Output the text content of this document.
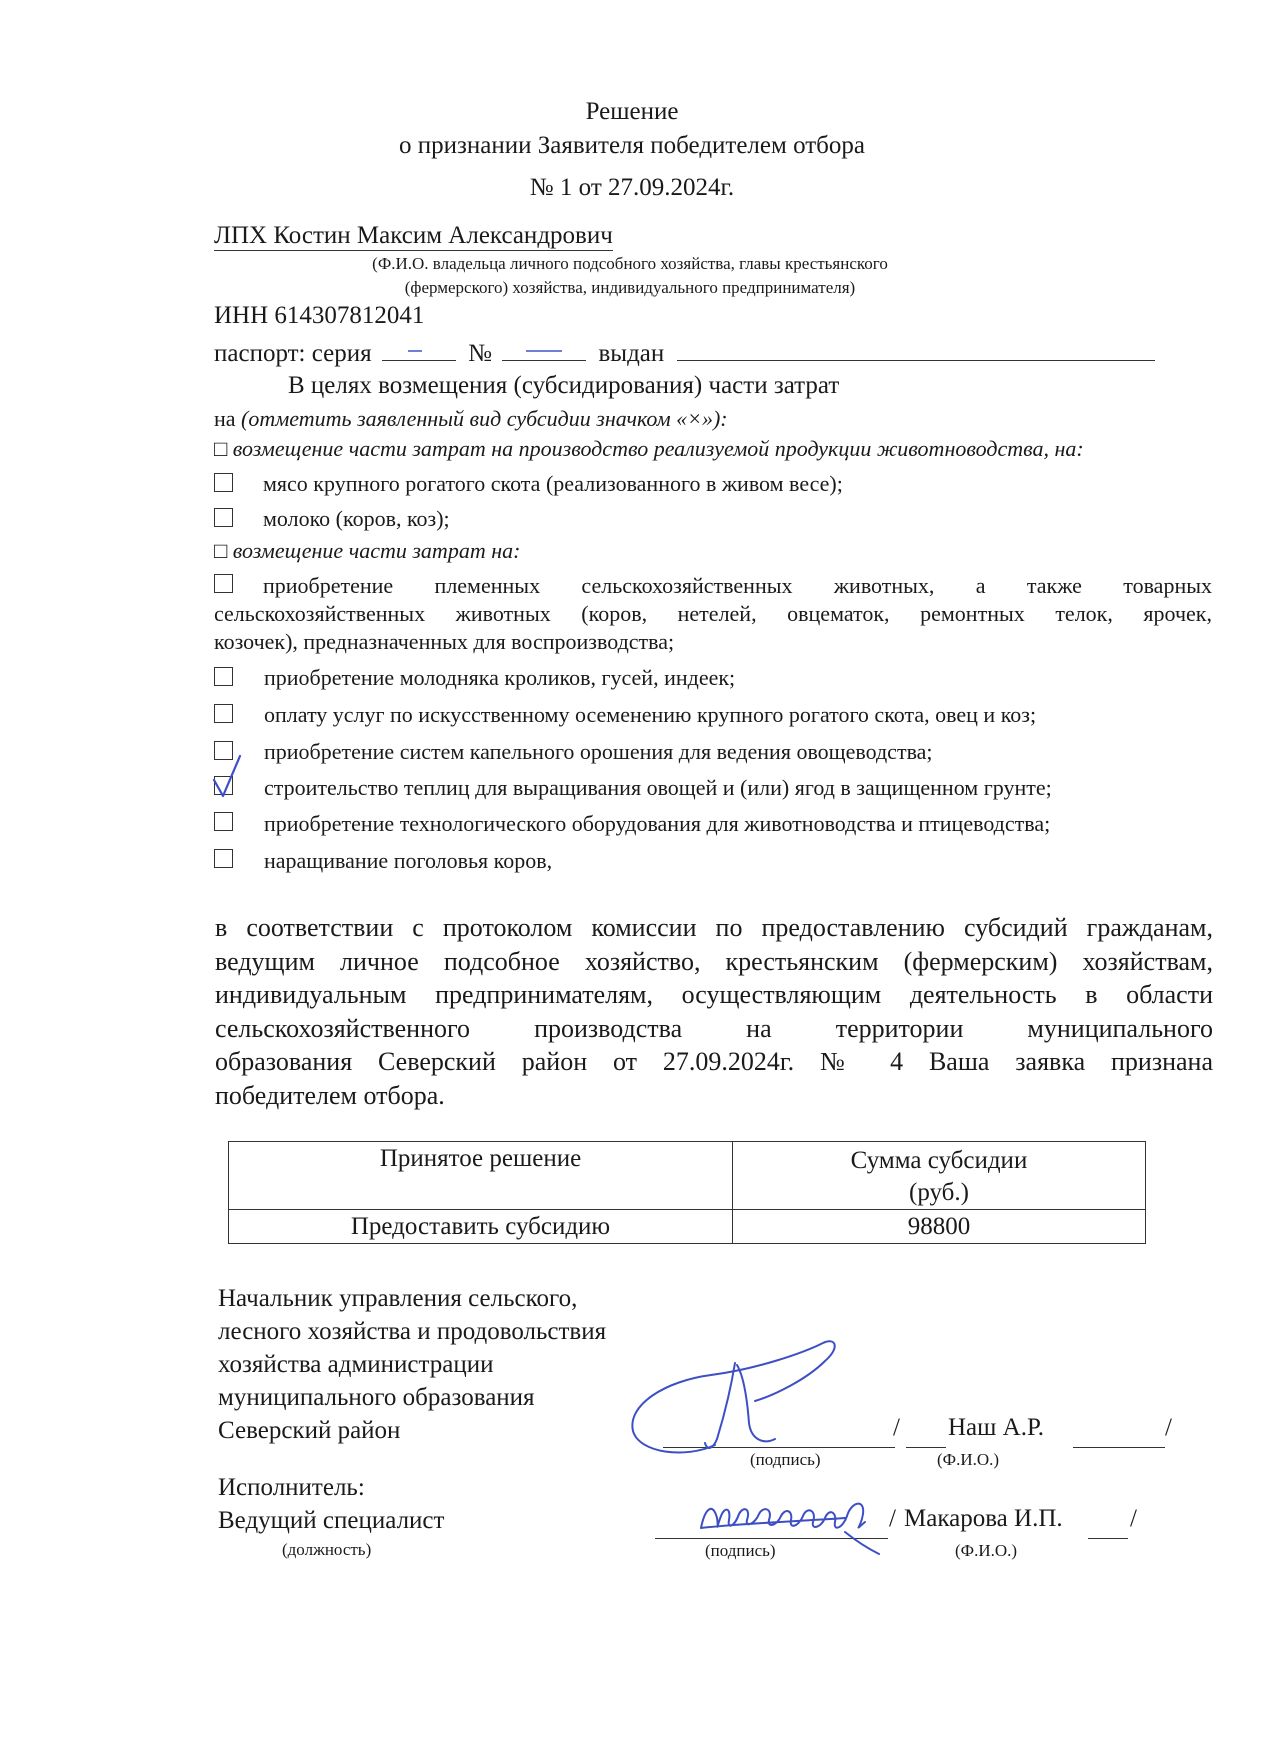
Решение
о признании Заявителя победителем отбора
№ 1 от 27.09.2024г.
ЛПХ Костин Максим Александрович
(Ф.И.О. владельца личного подсобного хозяйства, главы крестьянского
(фермерского) хозяйства, индивидуального предпринимателя)
ИНН 614307812041
паспорт: серия	№	выдан
В целях возмещения (субсидирования) части затрат
на (отметить заявленный вид субсидии значком «×»):
□ возмещение части затрат на производство реализуемой продукции животноводства, на:
мясо крупного рогатого скота (реализованного в живом весе);
молоко (коров, коз);
□ возмещение части затрат на:
приобретение племенных сельскохозяйственных животных, а также товарных
сельскохозяйственных животных (коров, нетелей, овцематок, ремонтных телок, ярочек,
козочек), предназначенных для воспроизводства;
приобретение молодняка кроликов, гусей, индеек;
оплату услуг по искусственному осеменению крупного рогатого скота, овец и коз;
приобретение систем капельного орошения для ведения овощеводства;
строительство теплиц для выращивания овощей и (или) ягод в защищенном грунте;
приобретение технологического оборудования для животноводства и птицеводства;
наращивание поголовья коров,
в соответствии с протоколом комиссии по предоставлению субсидий гражданам,
ведущим личное подсобное хозяйство, крестьянским (фермерским) хозяйствам,
индивидуальным предпринимателям, осуществляющим деятельность в области
сельскохозяйственного производства на территории муниципального
образования Северский район от 27.09.2024г. № 4 Ваша заявка признана
победителем отбора.
Принятое решение	Сумма субсидии
(руб.)

Предоставить субсидию	98800
Начальник управления сельского,
лесного хозяйства и продовольствия
хозяйства администрации
муниципального образования
Северский район	/ Наш А.Р.	/
(подпись)	(Ф.И.О.)
Исполнитель:
Ведущий специалист
(должность)
/ Макарова И.П.	/
(подпись)	(Ф.И.О.)
